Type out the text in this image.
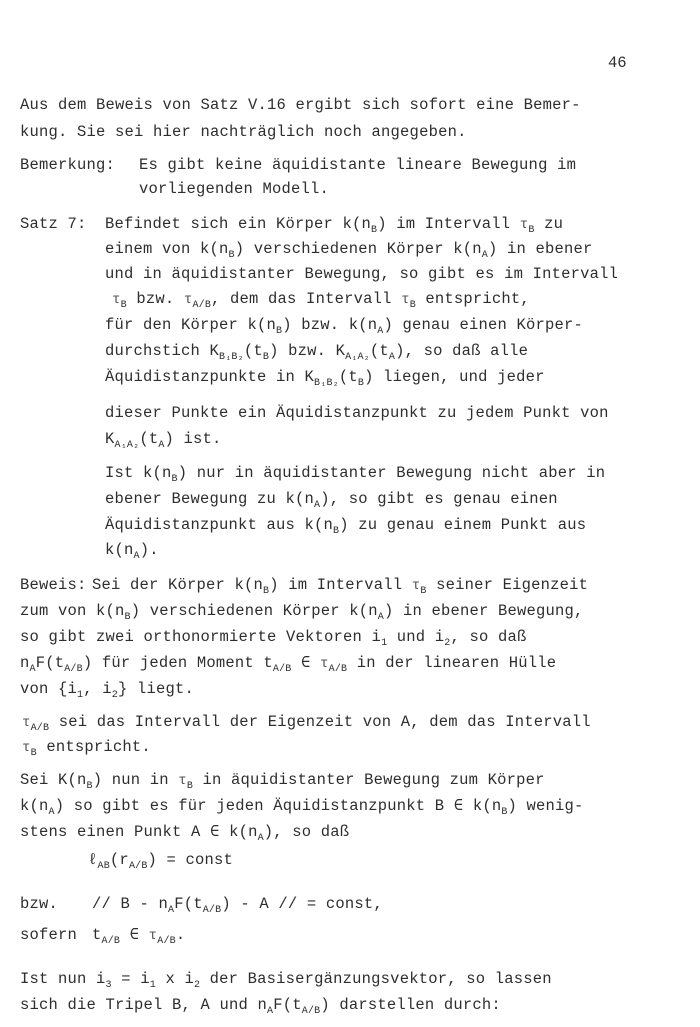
46
Aus dem Beweis von Satz V.16 ergibt sich sofort eine Bemer-
kung. Sie sei hier nachträglich noch angegeben.
Bemerkung: Es gibt keine äquidistante lineare Bewegung im
vorliegenden Modell.
Satz 7: Befindet sich ein Körper $k(n_B)$ im Intervall $\tau_B$ zu
einem von $k(n_B)$ verschiedenen Körper $k(n_A)$ in ebener
und in äquidistanter Bewegung, so gibt es im Intervall
$\tau_B$ bzw. $\tau_{A/B}$, dem das Intervall $\tau_B$ entspricht,
für den Körper $k(n_B)$ bzw. $k(n_A)$ genau einen Körper-
durchstich $K_{B_1B_2}(t_B)$ bzw. $K_{A_1A_2}(t_A)$, so daß alle
Äquidistanzpunkte in $K_{B_1B_2}(t_B)$ liegen, und jeder
dieser Punkte ein Äquidistanzpunkt zu jedem Punkt von
$K_{A_1A_2}(t_A)$ ist.
Ist $k(n_B)$ nur in äquidistanter Bewegung nicht aber in
ebener Bewegung zu $k(n_A)$, so gibt es genau einen
Äquidistanzpunkt aus $k(n_B)$ zu genau einem Punkt aus
$k(n_A)$.
Beweis: Sei der Körper $k(n_B)$ im Intervall $\tau_B$ seiner Eigenzeit
zum von $k(n_B)$ verschiedenen Körper $k(n_A)$ in ebener Bewegung,
so gibt zwei orthonormierte Vektoren $i_1$ und $i_2$, so daß
$n_AF(t_{A/B})$ für jeden Moment $t_{A/B}$ ∈ $\tau_{A/B}$ in der linearen Hülle
von {$i_1$, $i_2$} liegt.
$\tau_{A/B}$ sei das Intervall der Eigenzeit von A, dem das Intervall
$\tau_B$ entspricht.
Sei $K(n_B)$ nun in $\tau_B$ in äquidistanter Bewegung zum Körper
$k(n_A)$ so gibt es für jeden Äquidistanzpunkt B ∈ $k(n_B)$ wenig-
stens einen Punkt A ∈ $k(n_A)$, so daß
$\ell_{AB}(r_{A/B})$ = const
bzw. // B - $n_AF(t_{A/B})$ - A // = const,
sofern $t_{A/B}$ ∈ $\tau_{A/B}$.
Ist nun $i_3 = i_1$ x $i_2$ der Basisergänzungsvektor, so lassen
sich die Tripel B, A und $n_AF(t_{A/B})$ darstellen durch:
